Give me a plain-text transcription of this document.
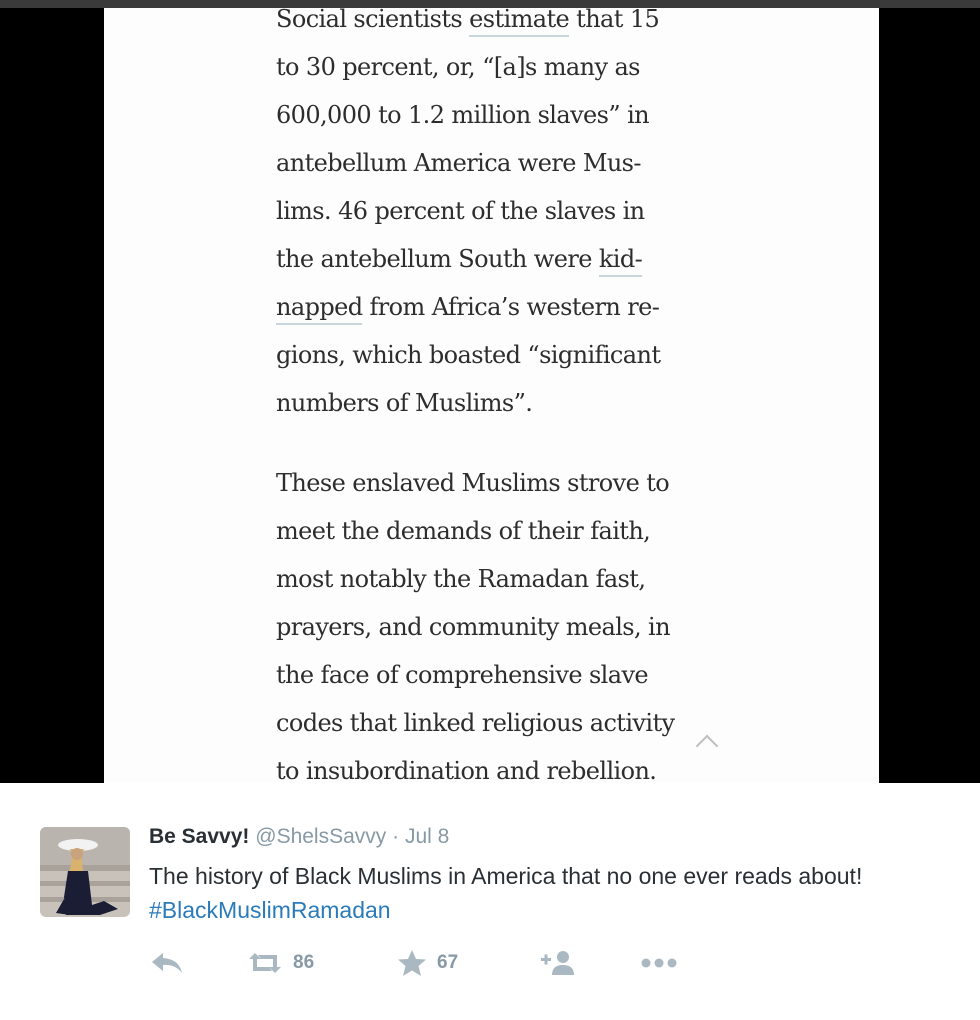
Social scientists estimate that 15
to 30 percent, or, “[a]s many as
600,000 to 1.2 million slaves” in
antebellum America were Mus-
lims. 46 percent of the slaves in
the antebellum South were kid-
napped from Africa’s western re-
gions, which boasted “significant
numbers of Muslims”.

These enslaved Muslims strove to
meet the demands of their faith,
most notably the Ramadan fast,
prayers, and community meals, in
the face of comprehensive slave
codes that linked religious activity
to insubordination and rebellion.

Be Savvy! @ShelsSavvy · Jul 8
The history of Black Muslims in America that no one ever reads about! #BlackMuslimRamadan
86	67
